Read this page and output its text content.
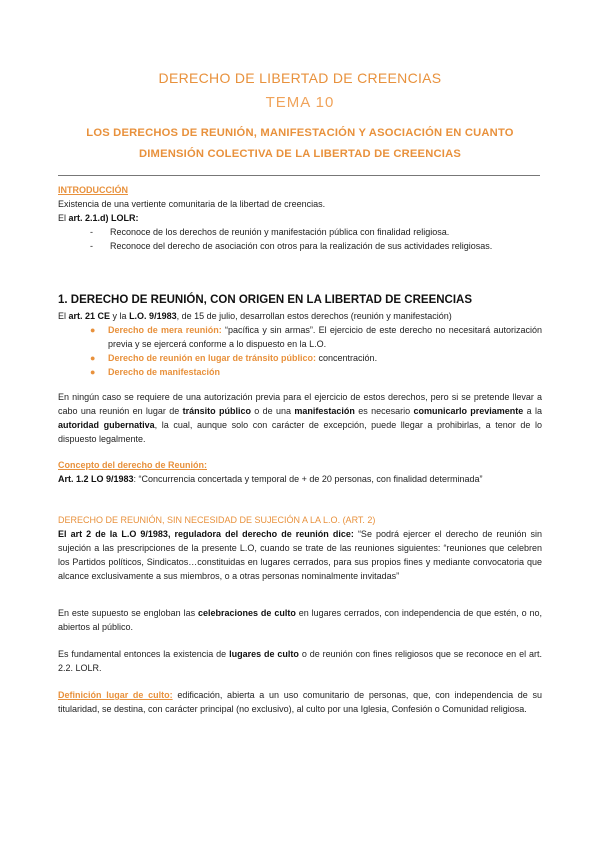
DERECHO DE LIBERTAD DE CREENCIAS
TEMA 10
LOS DERECHOS DE REUNIÓN, MANIFESTACIÓN Y ASOCIACIÓN EN CUANTO DIMENSIÓN COLECTIVA DE LA LIBERTAD DE CREENCIAS

INTRODUCCIÓN

Existencia de una vertiente comunitaria de la libertad de creencias.

El art. 2.1.d) LOLR:

-	Reconoce de los derechos de reunión y manifestación pública con finalidad religiosa.
-	Reconoce del derecho de asociación con otros para la realización de sus actividades religiosas.

1. DERECHO DE REUNIÓN, CON ORIGEN EN LA LIBERTAD DE CREENCIAS

El art. 21 CE y la L.O. 9/1983, de 15 de julio, desarrollan estos derechos (reunión y manifestación)

●	Derecho de mera reunión: “pacífica y sin armas”. El ejercicio de este derecho no necesitará autorización previa y se ejercerá conforme a lo dispuesto en la L.O.
●	Derecho de reunión en lugar de tránsito público: concentración.
●	Derecho de manifestación

En ningún caso se requiere de una autorización previa para el ejercicio de estos derechos, pero si se pretende llevar a cabo una reunión en lugar de tránsito público o de una manifestación es necesario comunicarlo previamente a la autoridad gubernativa, la cual, aunque solo con carácter de excepción, puede llegar a prohibirlas, a tenor de lo dispuesto legalmente.

Concepto del derecho de Reunión:

Art. 1.2 LO 9/1983: “Concurrencia concertada y temporal de + de 20 personas, con finalidad determinada”

DERECHO DE REUNIÓN, SIN NECESIDAD DE SUJECIÓN A LA L.O. (ART. 2)

El art 2 de la L.O 9/1983, reguladora del derecho de reunión dice: “Se podrá ejercer el derecho de reunión sin sujeción a las prescripciones de la presente L.O, cuando se trate de las reuniones siguientes: “reuniones que celebren los Partidos políticos, Sindicatos…constituidas en lugares cerrados, para sus propios fines y mediante convocatoria que alcance exclusivamente a sus miembros, o a otras personas nominalmente invitadas”

En este supuesto se engloban las celebraciones de culto en lugares cerrados, con independencia de que estén, o no, abiertos al público.

Es fundamental entonces la existencia de lugares de culto o de reunión con fines religiosos que se reconoce en el art. 2.2. LOLR.

Definición lugar de culto: edificación, abierta a un uso comunitario de personas, que, con independencia de su titularidad, se destina, con carácter principal (no exclusivo), al culto por una Iglesia, Confesión o Comunidad religiosa.
